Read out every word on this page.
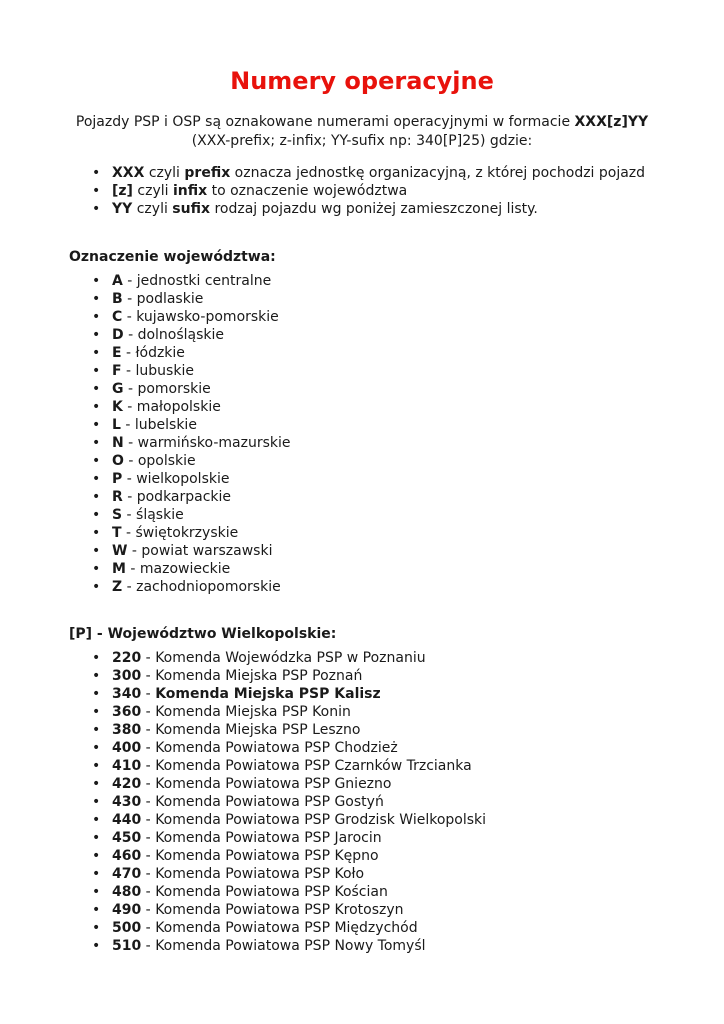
Numery operacyjne

Pojazdy PSP i OSP są oznakowane numerami operacyjnymi w formacie XXX[z]YY
(XXX-prefix; z-infix; YY-sufix np: 340[P]25) gdzie:

• XXX czyli prefix oznacza jednostkę organizacyjną, z której pochodzi pojazd
• [z] czyli infix to oznaczenie województwa
• YY czyli sufix rodzaj pojazdu wg poniżej zamieszczonej listy.
Oznaczenie województwa:
• A - jednostki centralne
• B - podlaskie
• C - kujawsko-pomorskie
• D - dolnośląskie
• E - łódzkie
• F - lubuskie
• G - pomorskie
• K - małopolskie
• L - lubelskie
• N - warmińsko-mazurskie
• O - opolskie
• P - wielkopolskie
• R - podkarpackie
• S - śląskie
• T - świętokrzyskie
• W - powiat warszawski
• M - mazowieckie
• Z - zachodniopomorskie
[P] - Województwo Wielkopolskie:
• 220 - Komenda Wojewódzka PSP w Poznaniu
• 300 - Komenda Miejska PSP Poznań
• 340 - Komenda Miejska PSP Kalisz
• 360 - Komenda Miejska PSP Konin
• 380 - Komenda Miejska PSP Leszno
• 400 - Komenda Powiatowa PSP Chodzież
• 410 - Komenda Powiatowa PSP Czarnków Trzcianka
• 420 - Komenda Powiatowa PSP Gniezno
• 430 - Komenda Powiatowa PSP Gostyń
• 440 - Komenda Powiatowa PSP Grodzisk Wielkopolski
• 450 - Komenda Powiatowa PSP Jarocin
• 460 - Komenda Powiatowa PSP Kępno
• 470 - Komenda Powiatowa PSP Koło
• 480 - Komenda Powiatowa PSP Kościan
• 490 - Komenda Powiatowa PSP Krotoszyn
• 500 - Komenda Powiatowa PSP Międzychód
• 510 - Komenda Powiatowa PSP Nowy Tomyśl
